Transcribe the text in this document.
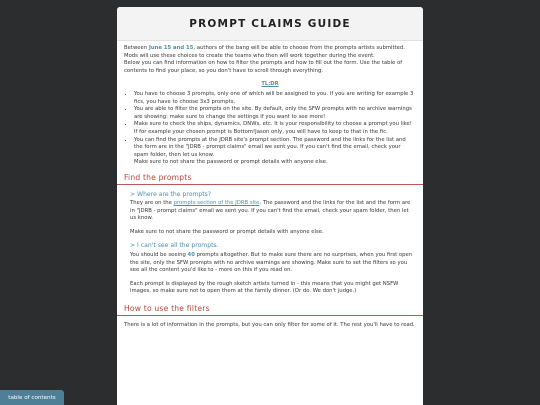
PROMPT CLAIMS GUIDE

Between June 15 and 15, authors of the bang will be able to choose from the prompts artists submitted. Mods will use these choices to create the teams who then will work together during the event.

Below you can find information on how to filter the prompts and how to fill out the form. Use the table of contents to find your place, so you don't have to scroll through everything.

TL;DR
• You have to choose 3 prompts, only one of which will be assigned to you. If you are writing for example 3 fics, you have to choose 3x3 prompts.
• You are able to filter the prompts on the site. By default, only the SFW prompts with no archive warnings are showing: make sure to change the settings if you want to see more!
• Make sure to check the ships, dynamics, DNWs, etc. It is your responsibility to choose a prompt you like! If for example your chosen prompt is Bottom!Jason only, you will have to keep to that in the fic.
• You can find the prompts at the JDRB site's prompt section. The password and the links for the list and the form are in the "JDRB - prompt claims" email we sent you. If you can't find the email, check your spam folder, then let us know.
Make sure to not share the password or prompt details with anyone else.
Find the prompts
> Where are the prompts?

They are on the prompts section of the JDRB site. The password and the links for the list and the form are in "JDRB - prompt claims" email we sent you. If you can't find the email, check your spam folder, then let us know.

Make sure to not share the password or prompt details with anyone else.

> I can't see all the prompts.

You should be seeing 40 prompts altogether. But to make sure there are no surprises, when you first open the site, only the SFW prompts with no archive warnings are showing. Make sure to set the filters so you see all the content you'd like to - more on this if you read on.

Each prompt is displayed by the rough sketch artists turned in - this means that you might get NSFW images, so make sure not to open them at the family dinner. (Or do. We don't judge.)

How to use the filters

There is a lot of information in the prompts, but you can only filter for some of it. The rest you'll have to read.

table of contents
